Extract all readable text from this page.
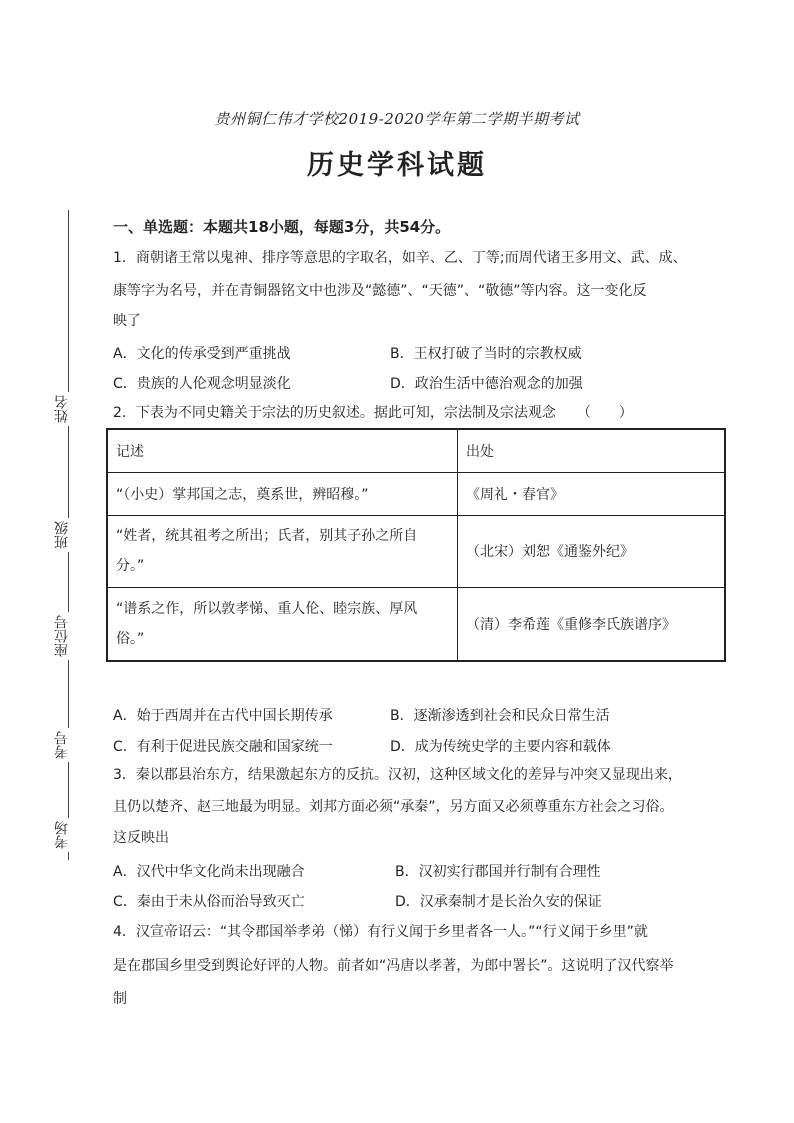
贵州铜仁伟才学校2019-2020学年第二学期半期考试
历史学科试题
姓名
班级
座位号
考号
考场
一、单选题：本题共18小题，每题3分，共54分。
1．商朝诸王常以鬼神、排序等意思的字取名，如辛、乙、丁等;而周代诸王多用文、武、成、
康等字为名号，并在青铜器铭文中也涉及“懿德”、“天德”、“敬德”等内容。这一变化反
映了
A．文化的传承受到严重挑战	B．王权打破了当时的宗教权威
C．贵族的人伦观念明显淡化	D．政治生活中德治观念的加强
2．下表为不同史籍关于宗法的历史叙述。据此可知，宗法制及宗法观念　　（　　）
记述	出处
“（小史）掌邦国之志，奠系世，辨昭穆。”	《周礼・春官》
“姓者，统其祖考之所出；氏者，别其子孙之所自
分。”	（北宋）刘恕《通鉴外纪》
“谱系之作，所以敦孝悌、重人伦、睦宗族、厚风
俗。”	（清）李希莲《重修李氏族谱序》
A．始于西周并在古代中国长期传承	B．逐渐渗透到社会和民众日常生活
C．有利于促进民族交融和国家统一	D．成为传统史学的主要内容和载体
3．秦以郡县治东方，结果激起东方的反抗。汉初，这种区域文化的差异与冲突又显现出来，
且仍以楚齐、赵三地最为明显。刘邦方面必须“承秦”，另方面又必须尊重东方社会之习俗。
这反映出
A．汉代中华文化尚未出现融合	B．汉初实行郡国并行制有合理性
C．秦由于未从俗而治导致灭亡	D．汉承秦制才是长治久安的保证
4．汉宣帝诏云：“其令郡国举孝弟（悌）有行义闻于乡里者各一人。”“行义闻于乡里”就
是在郡国乡里受到舆论好评的人物。前者如“冯唐以孝著，为郎中署长”。这说明了汉代察举
制
